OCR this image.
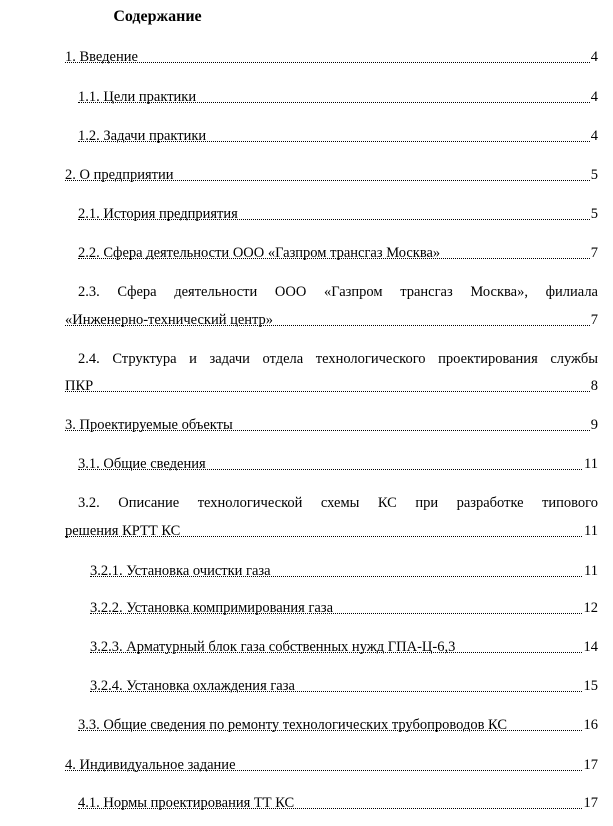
Содержание
1. Введение	4
1.1. Цели практики	4
1.2. Задачи практики	4
2. О предприятии	5
2.1. История предприятия	5
2.2. Сфера деятельности ООО «Газпром трансгаз Москва»	7
2.3. Сфера деятельности ООО «Газпром трансгаз Москва», филиала
«Инженерно-технический центр»	7
2.4. Структура и задачи отдела технологического проектирования службы
ПКР	8
3. Проектируемые объекты	9
3.1. Общие сведения	11
3.2. Описание технологической схемы КС при разработке типового
решения КРТТ КС	11
3.2.1. Установка очистки газа	11
3.2.2. Установка компримирования газа	12
3.2.3. Арматурный блок газа собственных нужд ГПА-Ц-6,3	14
3.2.4. Установка охлаждения газа	15
3.3. Общие сведения по ремонту технологических трубопроводов КС	16
4. Индивидуальное задание	17
4.1. Нормы проектирования ТТ КС	17
